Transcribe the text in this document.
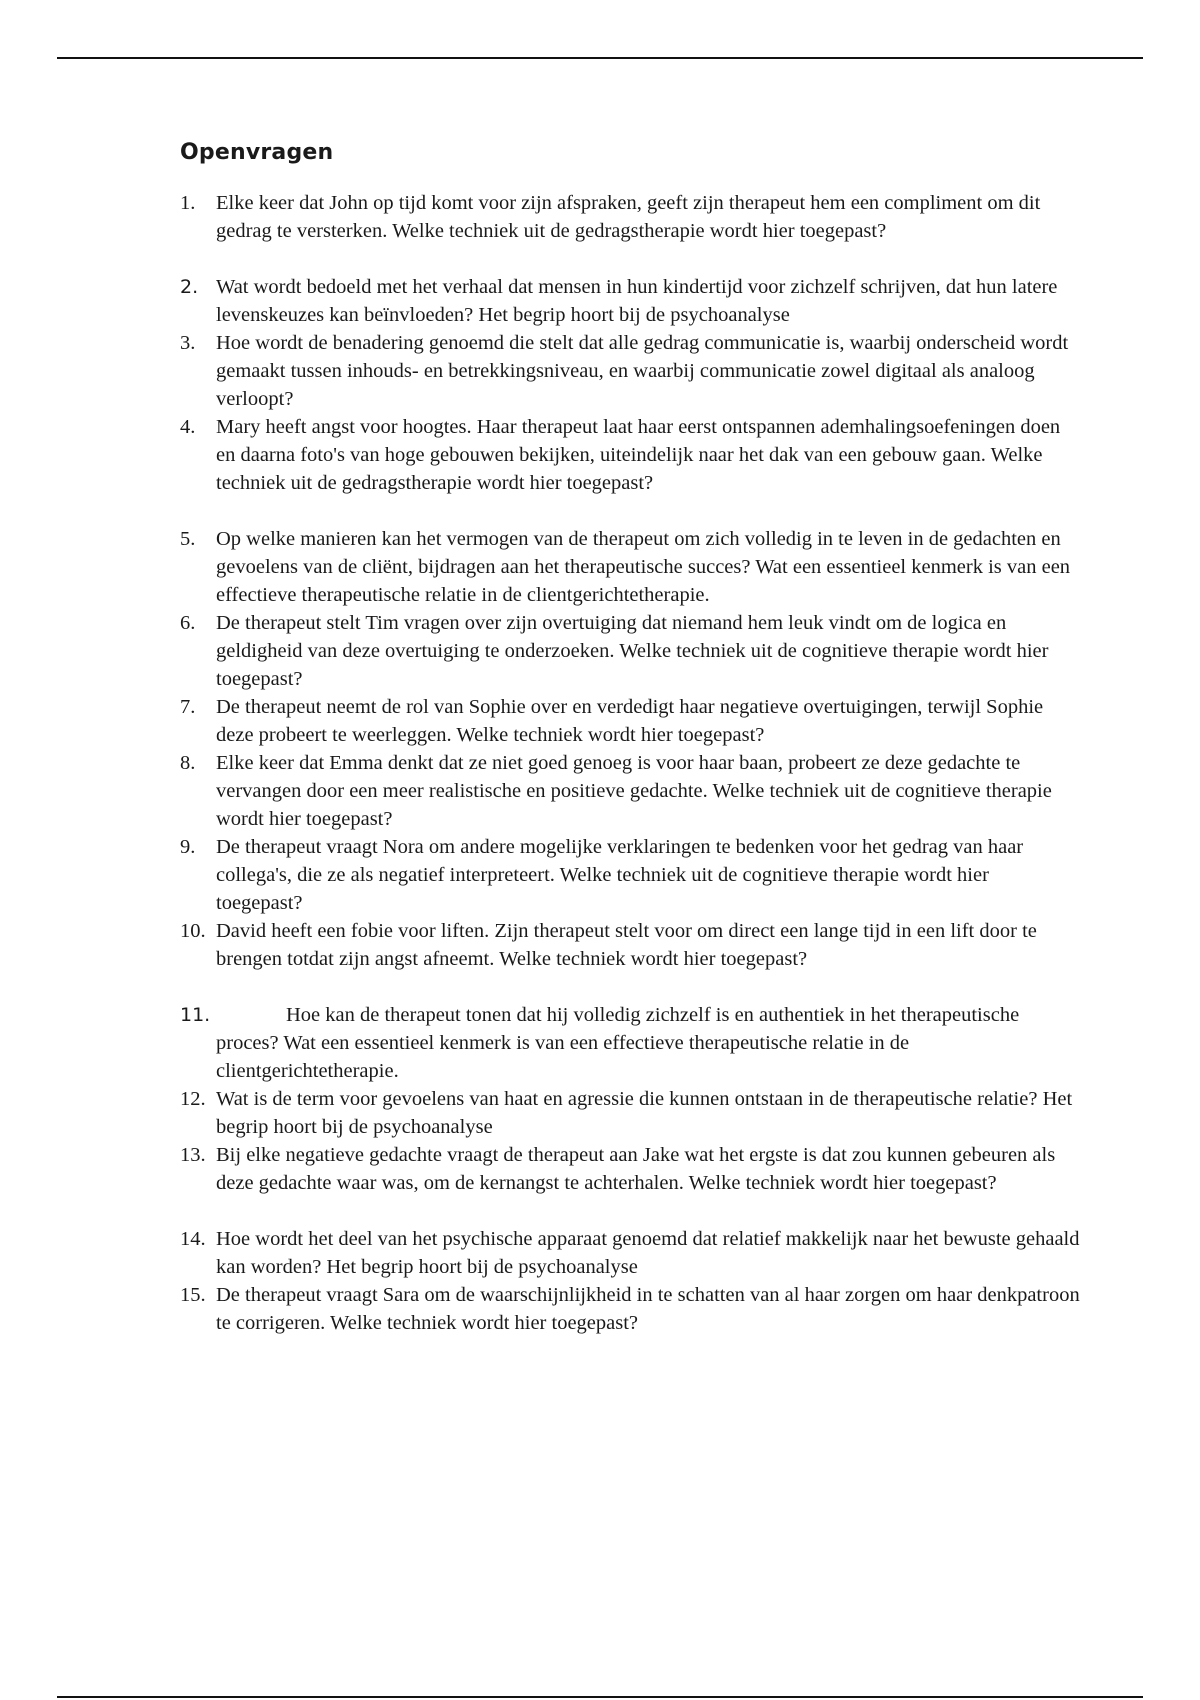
Openvragen
1. Elke keer dat John op tijd komt voor zijn afspraken, geeft zijn therapeut hem een compliment om dit gedrag te versterken. Welke techniek uit de gedragstherapie wordt hier toegepast?
2. Wat wordt bedoeld met het verhaal dat mensen in hun kindertijd voor zichzelf schrijven, dat hun latere levenskeuzes kan beïnvloeden? Het begrip hoort bij de psychoanalyse
3. Hoe wordt de benadering genoemd die stelt dat alle gedrag communicatie is, waarbij onderscheid wordt gemaakt tussen inhouds- en betrekkingsniveau, en waarbij communicatie zowel digitaal als analoog verloopt?
4. Mary heeft angst voor hoogtes. Haar therapeut laat haar eerst ontspannen ademhalingsoefeningen doen en daarna foto's van hoge gebouwen bekijken, uiteindelijk naar het dak van een gebouw gaan. Welke techniek uit de gedragstherapie wordt hier toegepast?
5. Op welke manieren kan het vermogen van de therapeut om zich volledig in te leven in de gedachten en gevoelens van de cliënt, bijdragen aan het therapeutische succes? Wat een essentieel kenmerk is van een effectieve therapeutische relatie in de clientgerichtetherapie.
6. De therapeut stelt Tim vragen over zijn overtuiging dat niemand hem leuk vindt om de logica en geldigheid van deze overtuiging te onderzoeken. Welke techniek uit de cognitieve therapie wordt hier toegepast?
7. De therapeut neemt de rol van Sophie over en verdedigt haar negatieve overtuigingen, terwijl Sophie deze probeert te weerleggen. Welke techniek wordt hier toegepast?
8. Elke keer dat Emma denkt dat ze niet goed genoeg is voor haar baan, probeert ze deze gedachte te vervangen door een meer realistische en positieve gedachte. Welke techniek uit de cognitieve therapie wordt hier toegepast?
9. De therapeut vraagt Nora om andere mogelijke verklaringen te bedenken voor het gedrag van haar collega's, die ze als negatief interpreteert. Welke techniek uit de cognitieve therapie wordt hier toegepast?
10. David heeft een fobie voor liften. Zijn therapeut stelt voor om direct een lange tijd in een lift door te brengen totdat zijn angst afneemt. Welke techniek wordt hier toegepast?
11.	Hoe kan de therapeut tonen dat hij volledig zichzelf is en authentiek in het therapeutische proces? Wat een essentieel kenmerk is van een effectieve therapeutische relatie in de clientgerichtetherapie.
12. Wat is de term voor gevoelens van haat en agressie die kunnen ontstaan in de therapeutische relatie? Het begrip hoort bij de psychoanalyse
13. Bij elke negatieve gedachte vraagt de therapeut aan Jake wat het ergste is dat zou kunnen gebeuren als deze gedachte waar was, om de kernangst te achterhalen. Welke techniek wordt hier toegepast?
14. Hoe wordt het deel van het psychische apparaat genoemd dat relatief makkelijk naar het bewuste gehaald kan worden? Het begrip hoort bij de psychoanalyse
15. De therapeut vraagt Sara om de waarschijnlijkheid in te schatten van al haar zorgen om haar denkpatroon te corrigeren. Welke techniek wordt hier toegepast?
